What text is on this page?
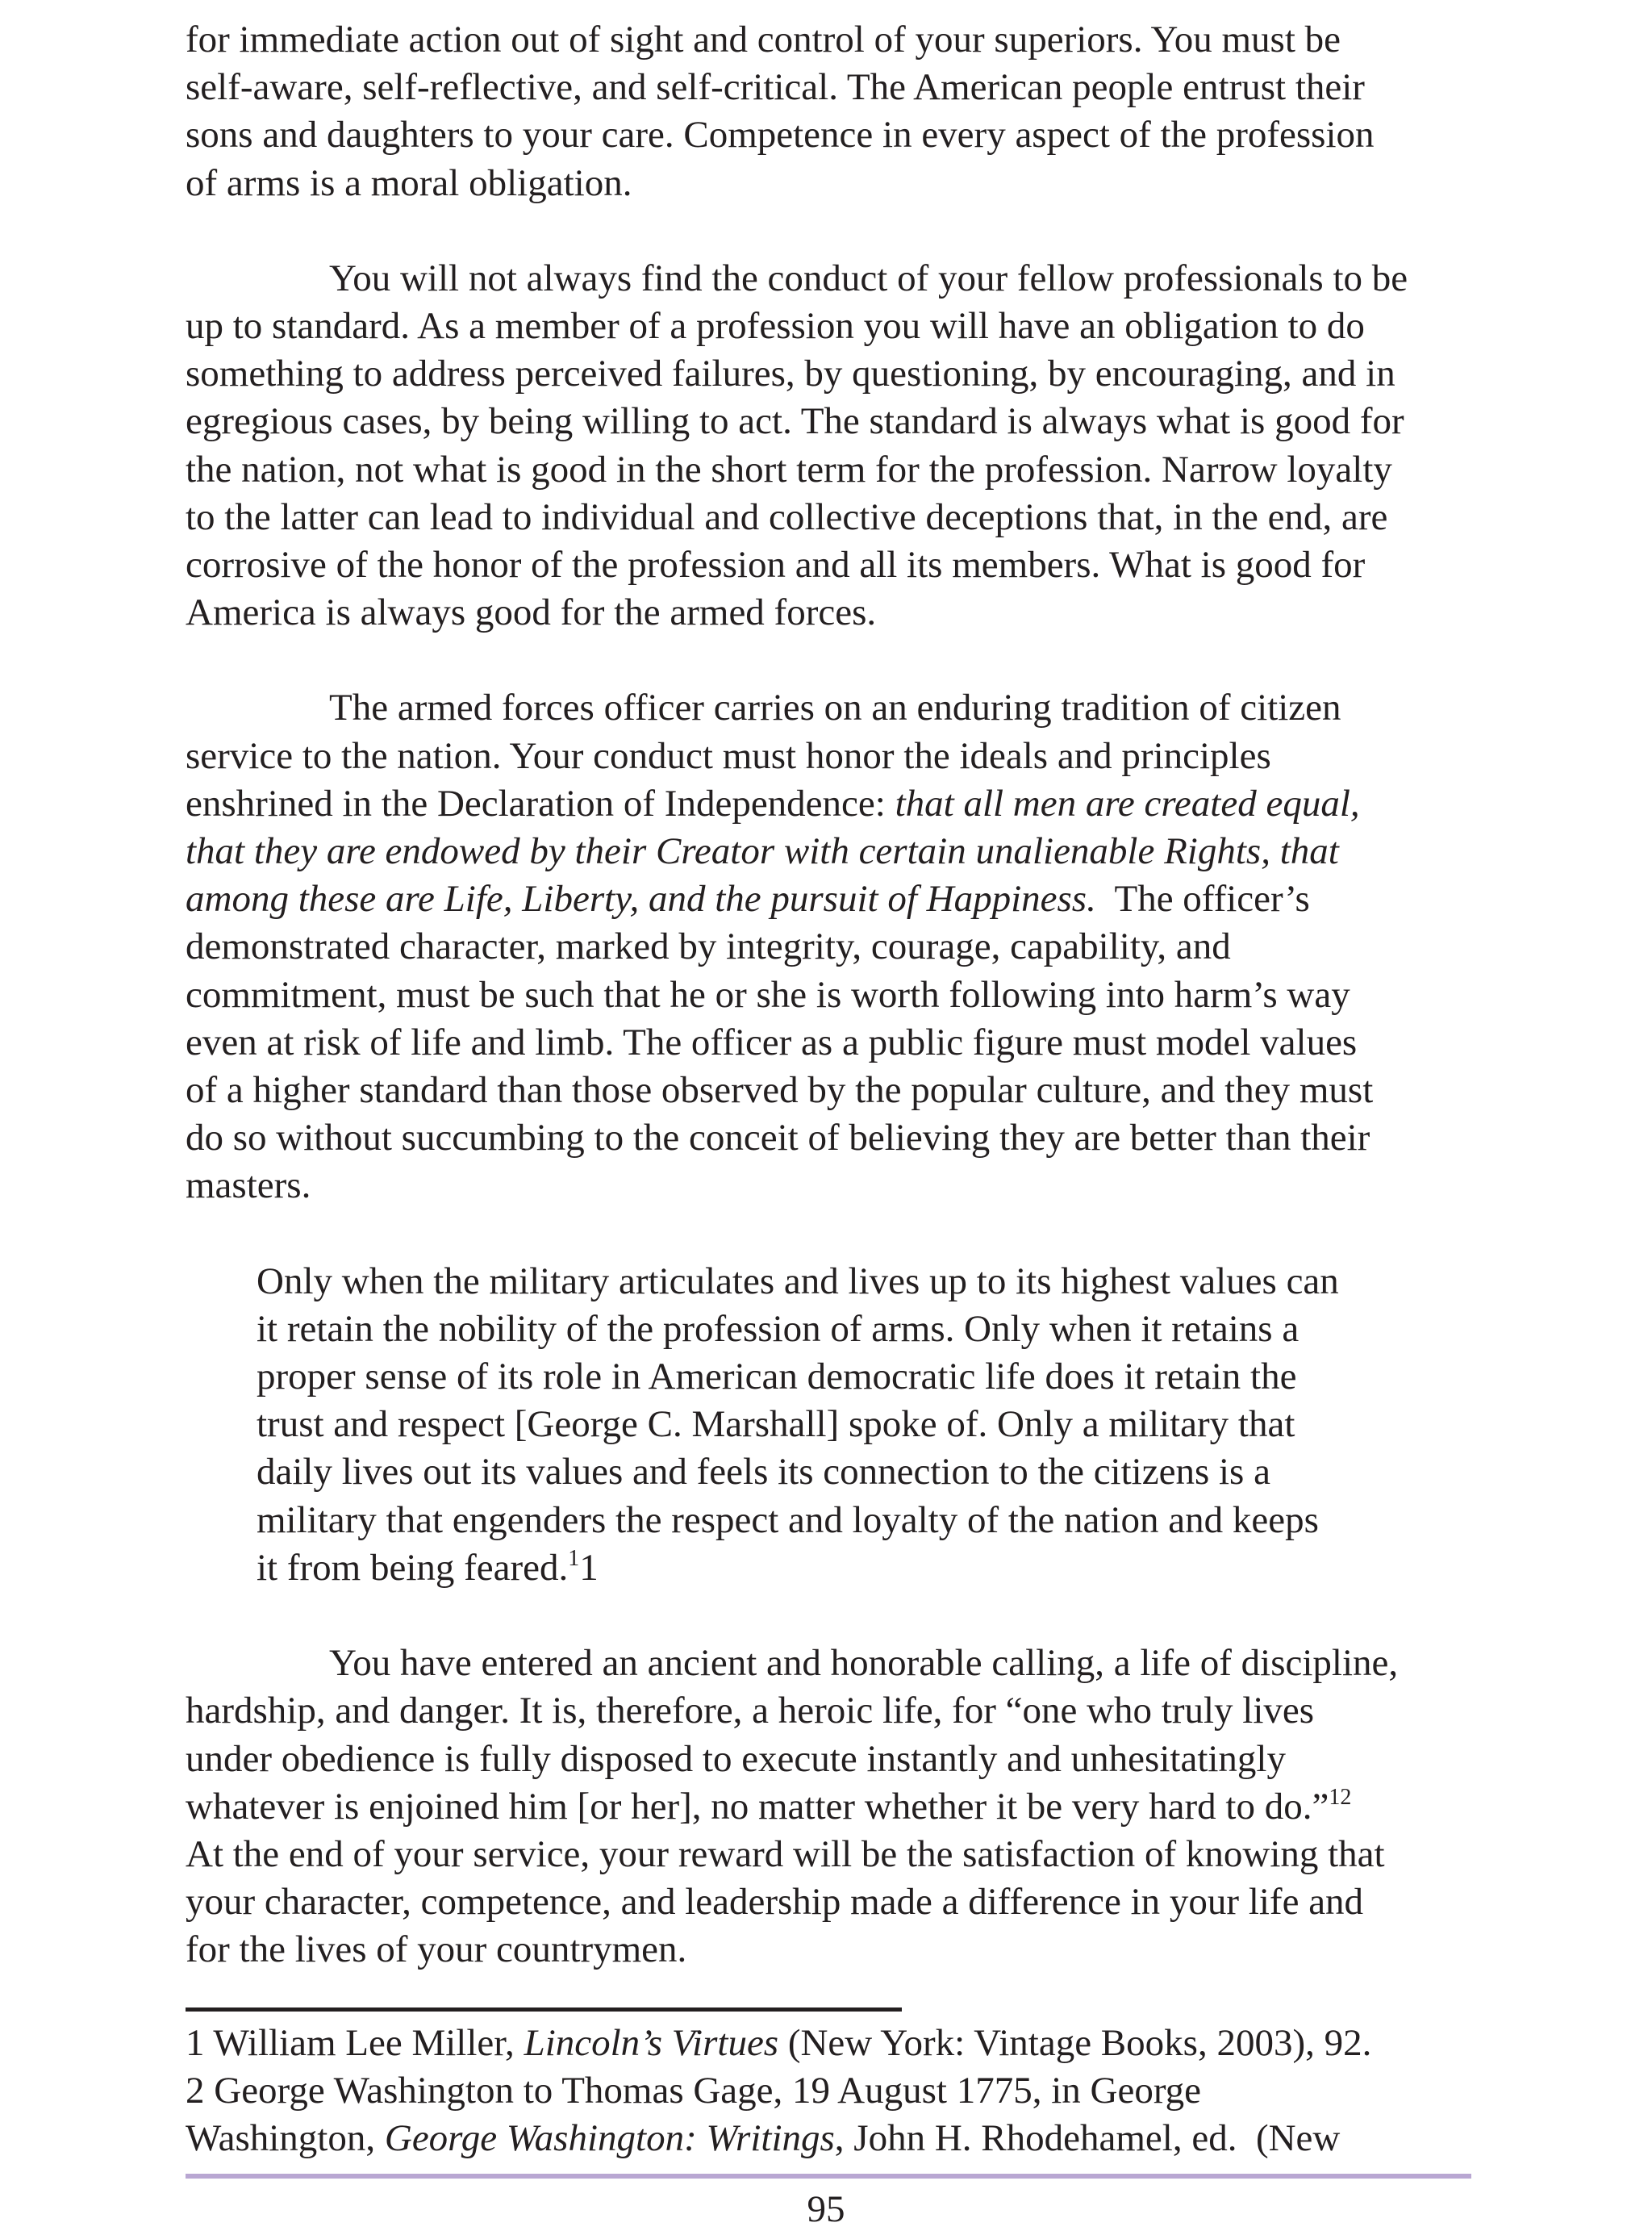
for immediate action out of sight and control of your superiors. You must be
self-aware, self-reflective, and self-critical. The American people entrust their
sons and daughters to your care. Competence in every aspect of the profession
of arms is a moral obligation.

You will not always find the conduct of your fellow professionals to be
up to standard. As a member of a profession you will have an obligation to do
something to address perceived failures, by questioning, by encouraging, and in
egregious cases, by being willing to act. The standard is always what is good for
the nation, not what is good in the short term for the profession. Narrow loyalty
to the latter can lead to individual and collective deceptions that, in the end, are
corrosive of the honor of the profession and all its members. What is good for
America is always good for the armed forces.

The armed forces officer carries on an enduring tradition of citizen
service to the nation. Your conduct must honor the ideals and principles
enshrined in the Declaration of Independence: that all men are created equal,
that they are endowed by their Creator with certain unalienable Rights, that
among these are Life, Liberty, and the pursuit of Happiness.  The officer’s
demonstrated character, marked by integrity, courage, capability, and
commitment, must be such that he or she is worth following into harm’s way
even at risk of life and limb. The officer as a public figure must model values
of a higher standard than those observed by the popular culture, and they must
do so without succumbing to the conceit of believing they are better than their
masters.

Only when the military articulates and lives up to its highest values can
it retain the nobility of the profession of arms. Only when it retains a
proper sense of its role in American democratic life does it retain the
trust and respect [George C. Marshall] spoke of. Only a military that
daily lives out its values and feels its connection to the citizens is a
military that engenders the respect and loyalty of the nation and keeps
it from being feared.$^1$1

You have entered an ancient and honorable calling, a life of discipline,
hardship, and danger. It is, therefore, a heroic life, for “one who truly lives
under obedience is fully disposed to execute instantly and unhesitatingly
whatever is enjoined him [or her], no matter whether it be very hard to do.”$^{12}$
At the end of your service, your reward will be the satisfaction of knowing that
your character, competence, and leadership made a difference in your life and
for the lives of your countrymen.

1 William Lee Miller, Lincoln’s Virtues (New York: Vintage Books, 2003), 92.
2 George Washington to Thomas Gage, 19 August 1775, in George
Washington, George Washington: Writings, John H. Rhodehamel, ed.  (New
95
